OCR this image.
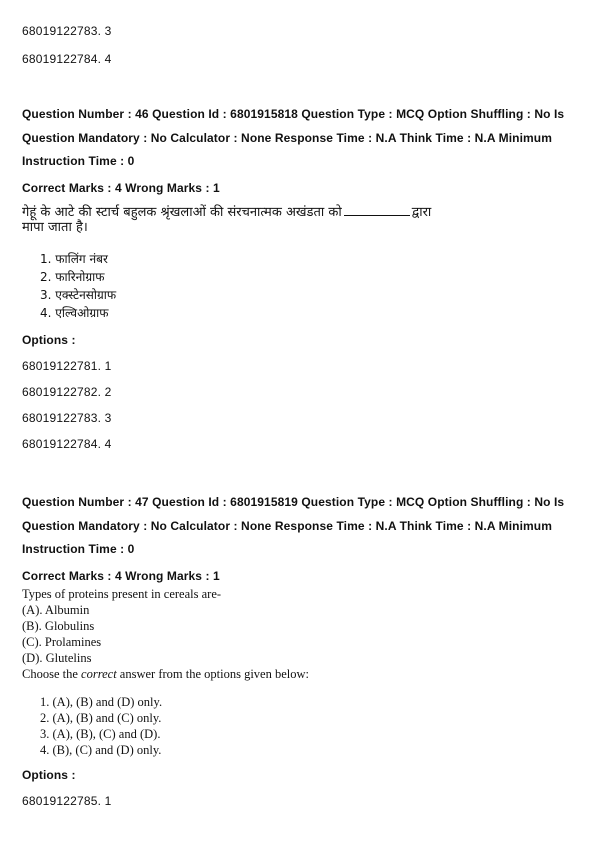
68019122783. 3
68019122784. 4
Question Number : 46 Question Id : 6801915818 Question Type : MCQ Option Shuffling : No Is
Question Mandatory : No Calculator : None Response Time : N.A Think Time : N.A Minimum
Instruction Time : 0
Correct Marks : 4 Wrong Marks : 1
गेहूं के आटे की स्टार्च बहुलक श्रृंखलाओं की संरचनात्मक अखंडता को	द्वारा
मापा जाता है।
1. फालिंग नंबर
2. फारिनोग्राफ
3. एक्स्टेनसोग्राफ
4. एल्विओग्राफ
Options :
68019122781. 1
68019122782. 2
68019122783. 3
68019122784. 4
Question Number : 47 Question Id : 6801915819 Question Type : MCQ Option Shuffling : No Is
Question Mandatory : No Calculator : None Response Time : N.A Think Time : N.A Minimum
Instruction Time : 0
Correct Marks : 4 Wrong Marks : 1
Types of proteins present in cereals are-
(A). Albumin
(B). Globulins
(C). Prolamines
(D). Glutelins
Choose the correct answer from the options given below:
1. (A), (B) and (D) only.
2. (A), (B) and (C) only.
3. (A), (B), (C) and (D).
4. (B), (C) and (D) only.
Options :
68019122785. 1
